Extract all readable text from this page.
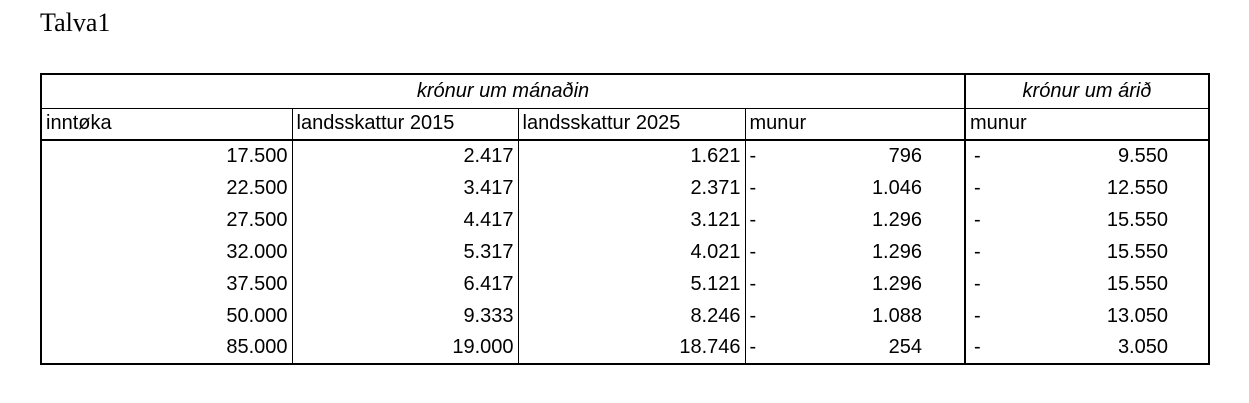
Talva1
krónur um mánaðin				krónur um árið
inntøka	landsskattur 2015	landsskattur 2025	munur	munur
17.500	2.417	1.621	- 796	- 9.550

22.500	3.417	2.371	- 1.046	- 12.550

27.500	4.417	3.121	- 1.296	- 15.550

32.000	5.317	4.021	- 1.296	- 15.550

37.500	6.417	5.121	- 1.296	- 15.550

50.000	9.333	8.246	- 1.088	- 13.050

85.000	19.000	18.746	- 254	- 3.050
